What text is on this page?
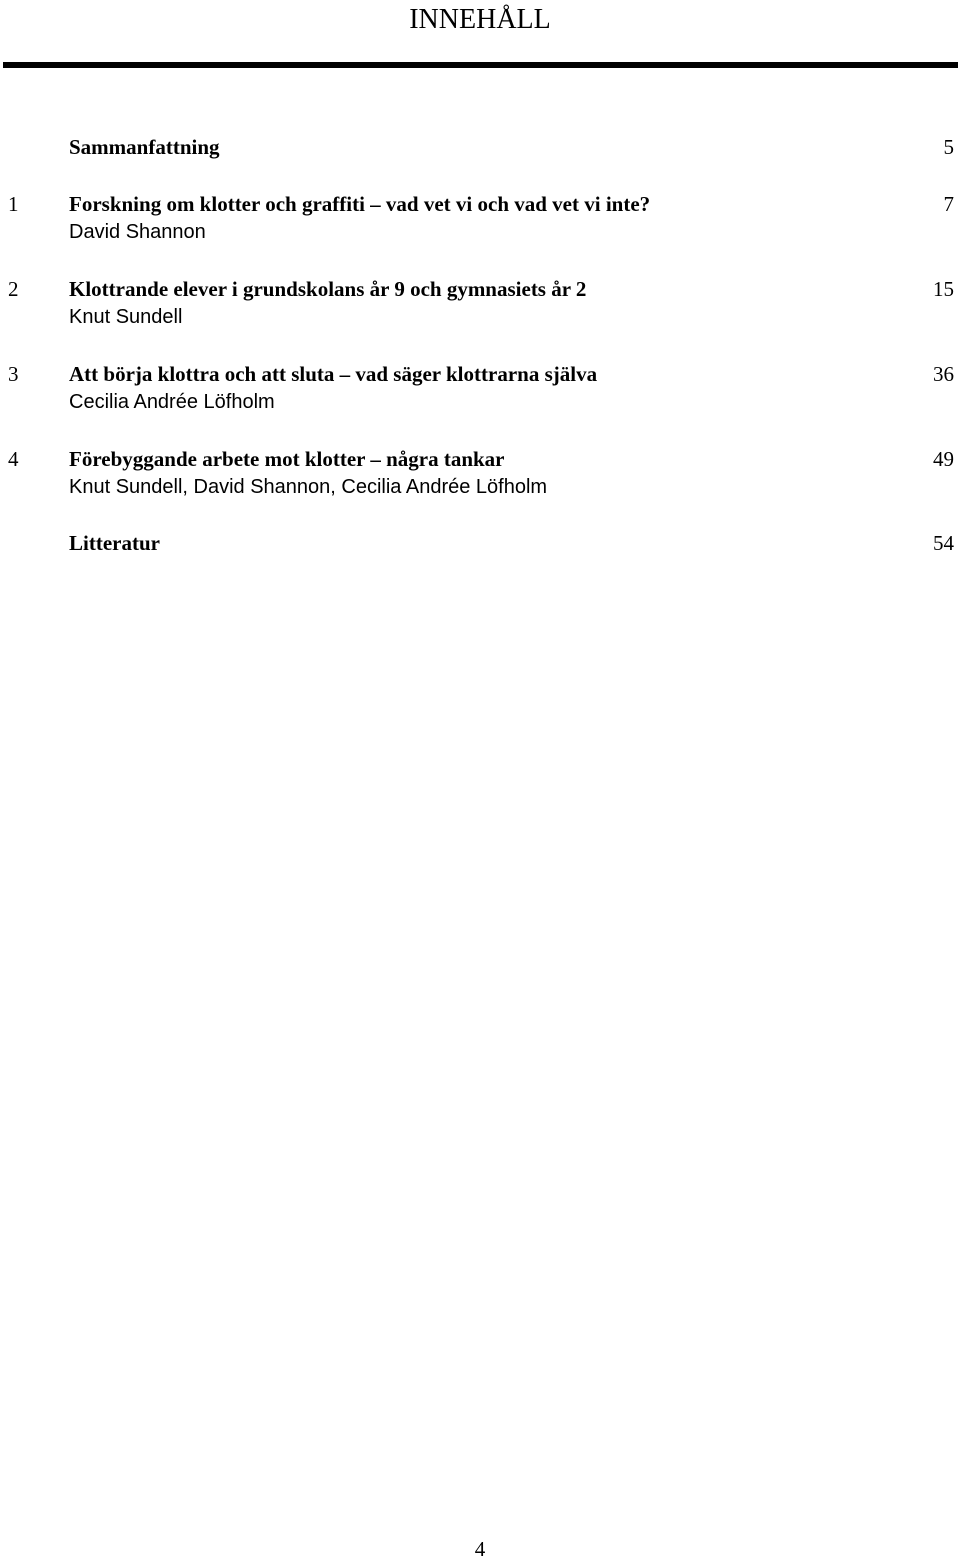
INNEHÅLL
Sammanfattning	5
1 Forskning om klotter och graffiti – vad vet vi och vad vet vi inte?
David Shannon
7
2 Klottrande elever i grundskolans år 9 och gymnasiets år 2
Knut Sundell
15
3 Att börja klottra och att sluta – vad säger klottrarna själva
Cecilia Andrée Löfholm
36
4 Förebyggande arbete mot klotter – några tankar
Knut Sundell, David Shannon, Cecilia Andrée Löfholm
49
Litteratur	54
4
